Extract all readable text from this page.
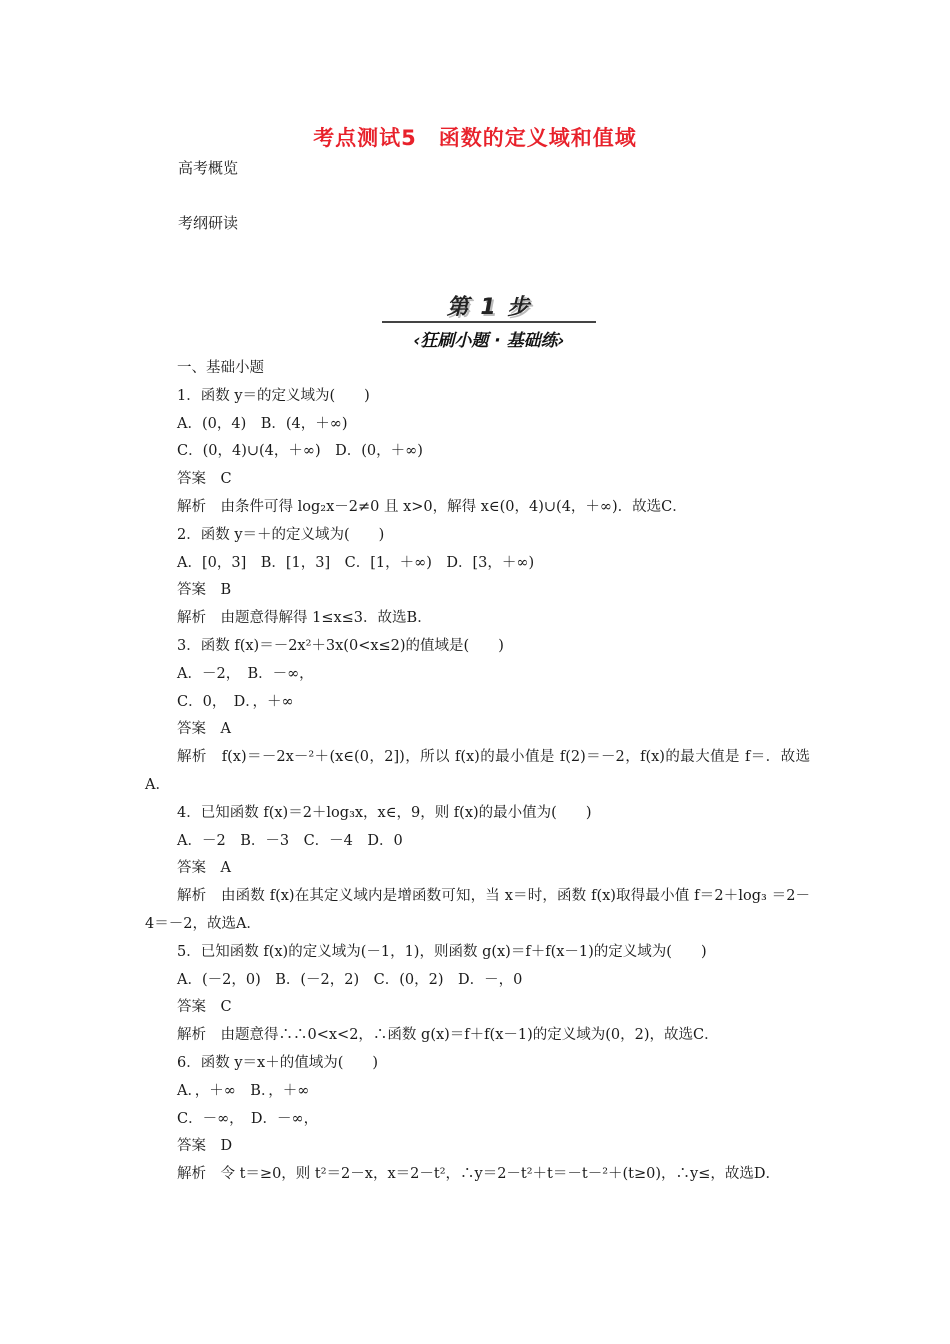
考点测试5　函数的定义域和值域
高考概览
考纲研读
第 1 步
‹狂刷小题 · 基础练›
一、基础小题
1．函数 y＝的定义域为(　　)
A．(0，4)　B．(4，＋∞)
C．(0，4)∪(4，＋∞)　D．(0，＋∞)
答案　C
解析　由条件可得 log₂x－2≠0 且 x>0，解得 x∈(0，4)∪(4，＋∞)．故选C．
2．函数 y＝＋的定义域为(　　)
A．[0，3]　B．[1，3]　C．[1，＋∞)　D．[3，＋∞)
答案　B
解析　由题意得解得 1≤x≤3．故选B．
3．函数 f(x)＝－2x²＋3x(0<x≤2)的值域是(　　)
A．－2，　B．－∞，
C．0，　D．，＋∞
答案　A
解析　f(x)＝－2x－²＋(x∈(0，2])，所以 f(x)的最小值是 f(2)＝－2，f(x)的最大值是 f＝．故选A．
4．已知函数 f(x)＝2＋log₃x，x∈，9，则 f(x)的最小值为(　　)
A．－2　B．－3　C．－4　D．0
答案　A
解析　由函数 f(x)在其定义域内是增函数可知，当 x＝时，函数 f(x)取得最小值 f＝2＋log₃ ＝2－4＝－2，故选A．
5．已知函数 f(x)的定义域为(－1，1)，则函数 g(x)＝f＋f(x－1)的定义域为(　　)
A．(－2，0)　B．(－2，2)　C．(0，2)　D．－，0
答案　C
解析　由题意得∴∴0<x<2，∴函数 g(x)＝f＋f(x－1)的定义域为(0，2)，故选C．
6．函数 y＝x＋的值域为(　　)
A．，＋∞　B．，＋∞
C．－∞，　D．－∞，
答案　D
解析　令 t＝≥0，则 t²＝2－x，x＝2－t²，∴y＝2－t²＋t＝－t－²＋(t≥0)，∴y≤，故选D．
